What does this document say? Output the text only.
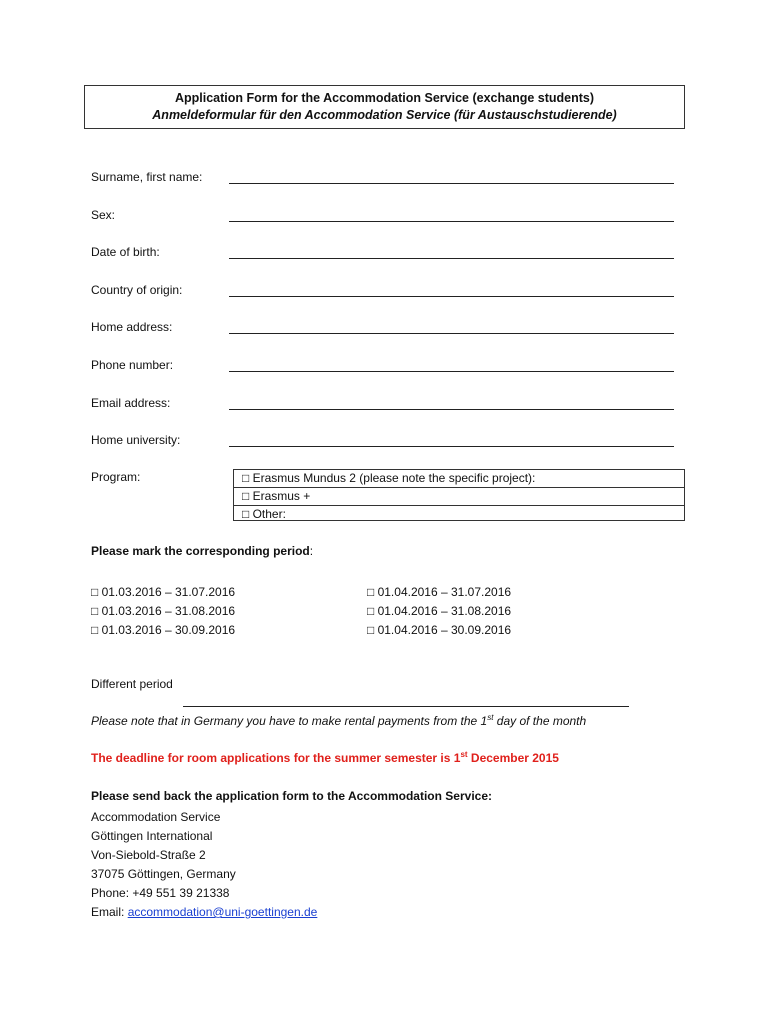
Application Form for the Accommodation Service (exchange students)
Anmeldeformular für den Accommodation Service (für Austauschstudierende)
Surname, first name:
Sex:
Date of birth:
Country of origin:
Home address:
Phone number:
Email address:
Home university:
Program:	□ Erasmus Mundus 2 (please note the specific project):
□ Erasmus +
□ Other:
Please mark the corresponding period:
□ 01.03.2016 – 31.07.2016
□ 01.03.2016 – 31.08.2016
□ 01.03.2016 – 30.09.2016
□ 01.04.2016 – 31.07.2016
□ 01.04.2016 – 31.08.2016
□ 01.04.2016 – 30.09.2016
Different period
Please note that in Germany you have to make rental payments from the 1st day of the month
The deadline for room applications for the summer semester is 1st December 2015
Please send back the application form to the Accommodation Service:
Accommodation Service
Göttingen International
Von-Siebold-Straße 2
37075 Göttingen, Germany
Phone: +49 551 39 21338
Email: accommodation@uni-goettingen.de
